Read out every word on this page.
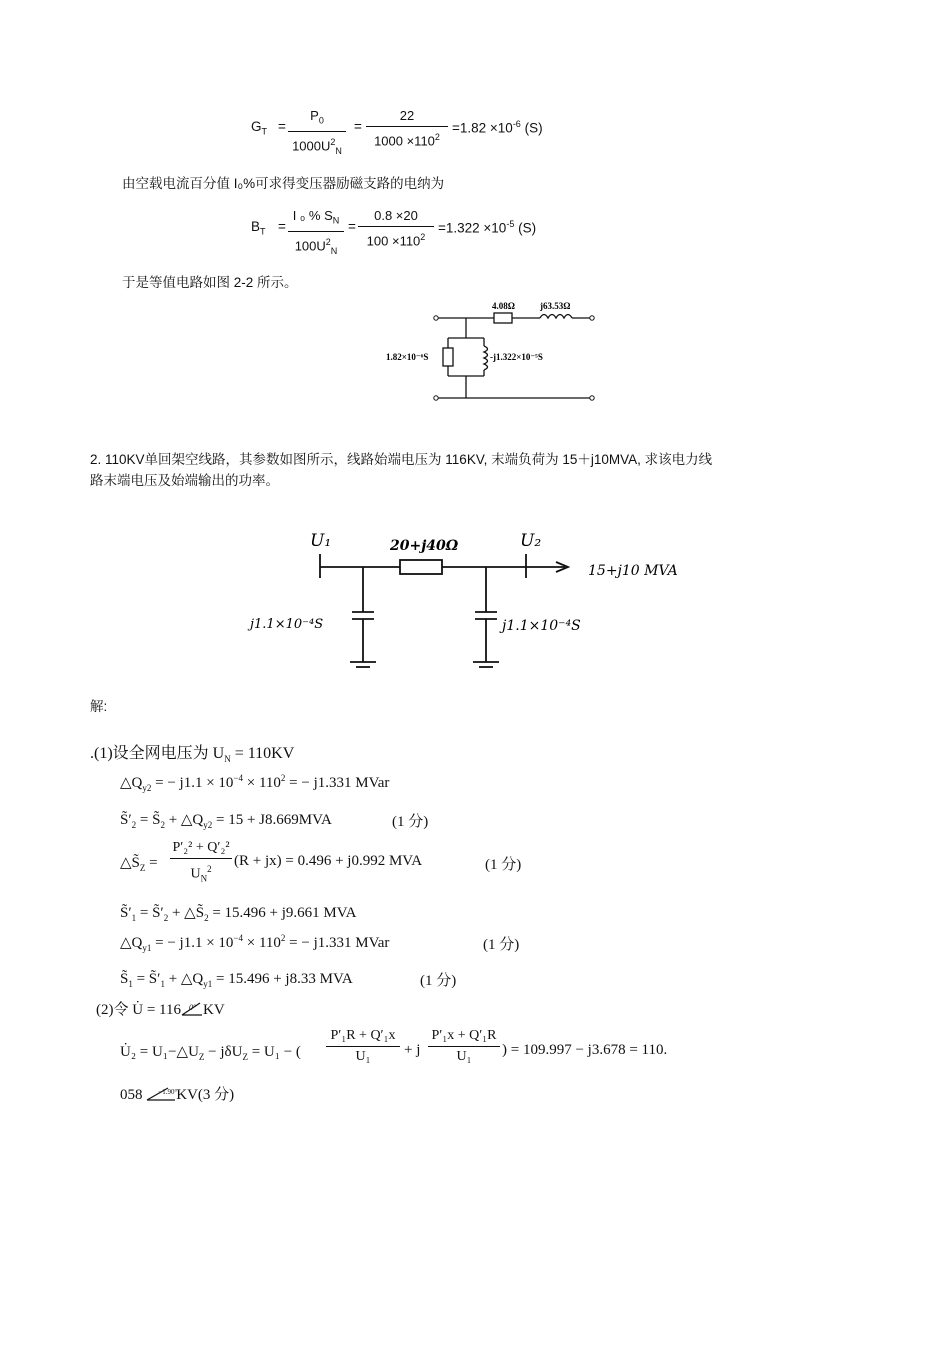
$G_T$ =
$P_0$
$1000U^2_N$
=
22
$1000 \times 110^2$
$=1.82 \times 10^{-6}$ (S)
由空载电流百分值 I₀%可求得变压器励磁支路的电纳为
$B_T$ =
I ₀ % $S_N$
$100U^2_N$
=
0.8 ×20
$100 \times 110^2$
$=1.322 \times 10^{-5}$ (S)
于是等值电路如图 2-2 所示。
4.08Ω	j63.53Ω
1.82×10⁻⁶S	-j1.322×10⁻⁵S
2. 110KV单回架空线路，其参数如图所示，线路始端电压为 116KV, 末端负荷为 15＋j10MVA, 求该电力线
路末端电压及始端输出的功率。
U₁	U₂
20+j40Ω
15+j10 MVA
j1.1×10⁻⁴S	j1.1×10⁻⁴S
解:
.(1)设全网电压为 $U_N = 110KV$
$\triangle Q_{y2}$ = − $j1.1 \times 10^{-4} \times 110^2$ = − j1.331 MVar
$S̃'_2$ = $S̃_2$ + $\triangle Q_{y2} = 15 + J8.669MVA$	(1 分)
$\triangle S̃_Z$ =
P′₂² + Q′₂²
$U_N^2$	(R + jx) = 0.496 + j0.992 MVA	(1 分)
$S̃'_1$ = $S̃'_2$ + $\triangle S̃_2 = 15.496 + j9.661$ MVA
$\triangle Q_{y1}$ = − $j1.1 \times 10^{-4} \times 110^2$ = − j1.331 MVar	(1 分)
$S̃_1$ = $S̃'_1$ + $\triangle Q_{y1} = 15.496 + j8.33$ MVA	(1 分)
(2)令 U̇ = 116 0° KV
U̇₂ = $U_1-\triangle U_Z - j\delta U_Z = U_1$ − (
P′₁R + Q′₁x
U₁	+ j
P′₁x + Q′₁R
U₁	) = 109.997 − j3.678 = 110.
058 −1.90° KV(3 分)
